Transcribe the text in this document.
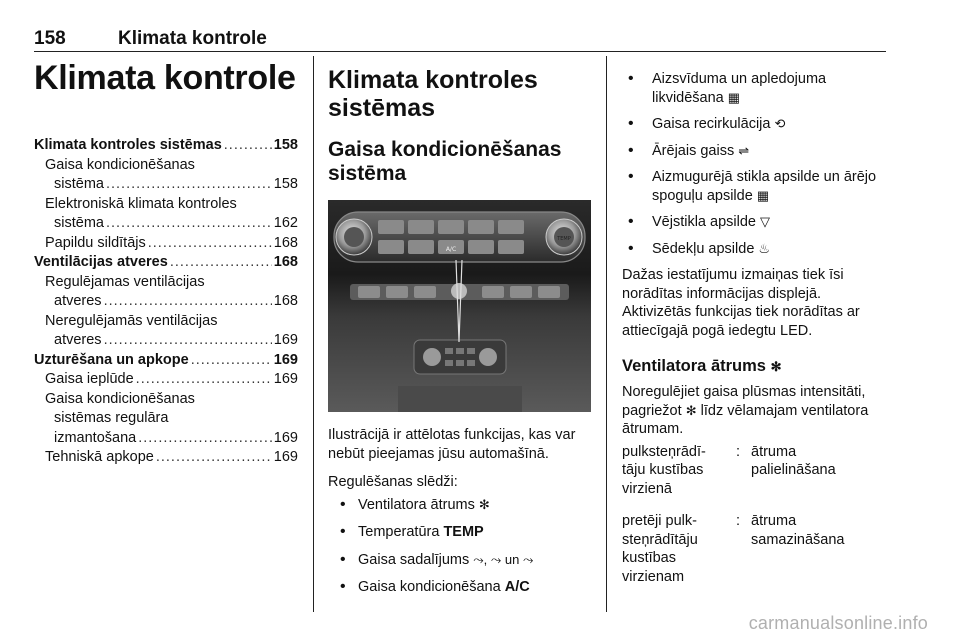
158	Klimata kontrole
Klimata kontrole
Klimata kontroles sistēmas .....	158
Gaisa kondicionēšanas
sistēma .....	158
Elektroniskā klimata kontroles
sistēma .....	162
Papildu sildītājs .....	168
Ventilācijas atveres .....	168
Regulējamas ventilācijas
atveres .....	168
Neregulējamās ventilācijas
atveres .....	169
Uzturēšana un apkope .....	169
Gaisa ieplūde .....	169
Gaisa kondicionēšanas
sistēmas regulāra
izmantošana .....	169
Tehniskā apkope .....	169
Klimata kontroles sistēmas
Gaisa kondicionēšanas sistēma
A/C
TEMP
Ilustrācijā ir attēlotas funkcijas, kas var nebūt pieejamas jūsu automašīnā.
Regulēšanas slēdži:
• Ventilatora ātrums ✻
• Temperatūra TEMP
• Gaisa sadalījums ⤳, ⤳ un ⤳
• Gaisa kondicionēšana A/C
• Aizsvīduma un apledojuma likvidēšana ▦
• Gaisa recirkulācija ⟲
• Ārējais gaiss ⇌
• Aizmugurējā stikla apsilde un ārējo spoguļu apsilde ▦
• Vējstikla apsilde ▽
• Sēdekļu apsilde ♨
Dažas iestatījumu izmaiņas tiek īsi norādītas informācijas displejā. Aktivizētās funkcijas tiek norādītas ar attiecīgajā pogā iedegtu LED.
Ventilatora ātrums ✻
Noregulējiet gaisa plūsmas intensitāti, pagriežot ✻ līdz vēlamajam ventilatora ātrumam.
pulksteņrādī-
tāju kustības
virzienā
: ātruma
palielināšana
pretēji pulk-
steņrādītāju
kustības
virzienam
: ātruma
samazināšana
carmanualsonline.info
